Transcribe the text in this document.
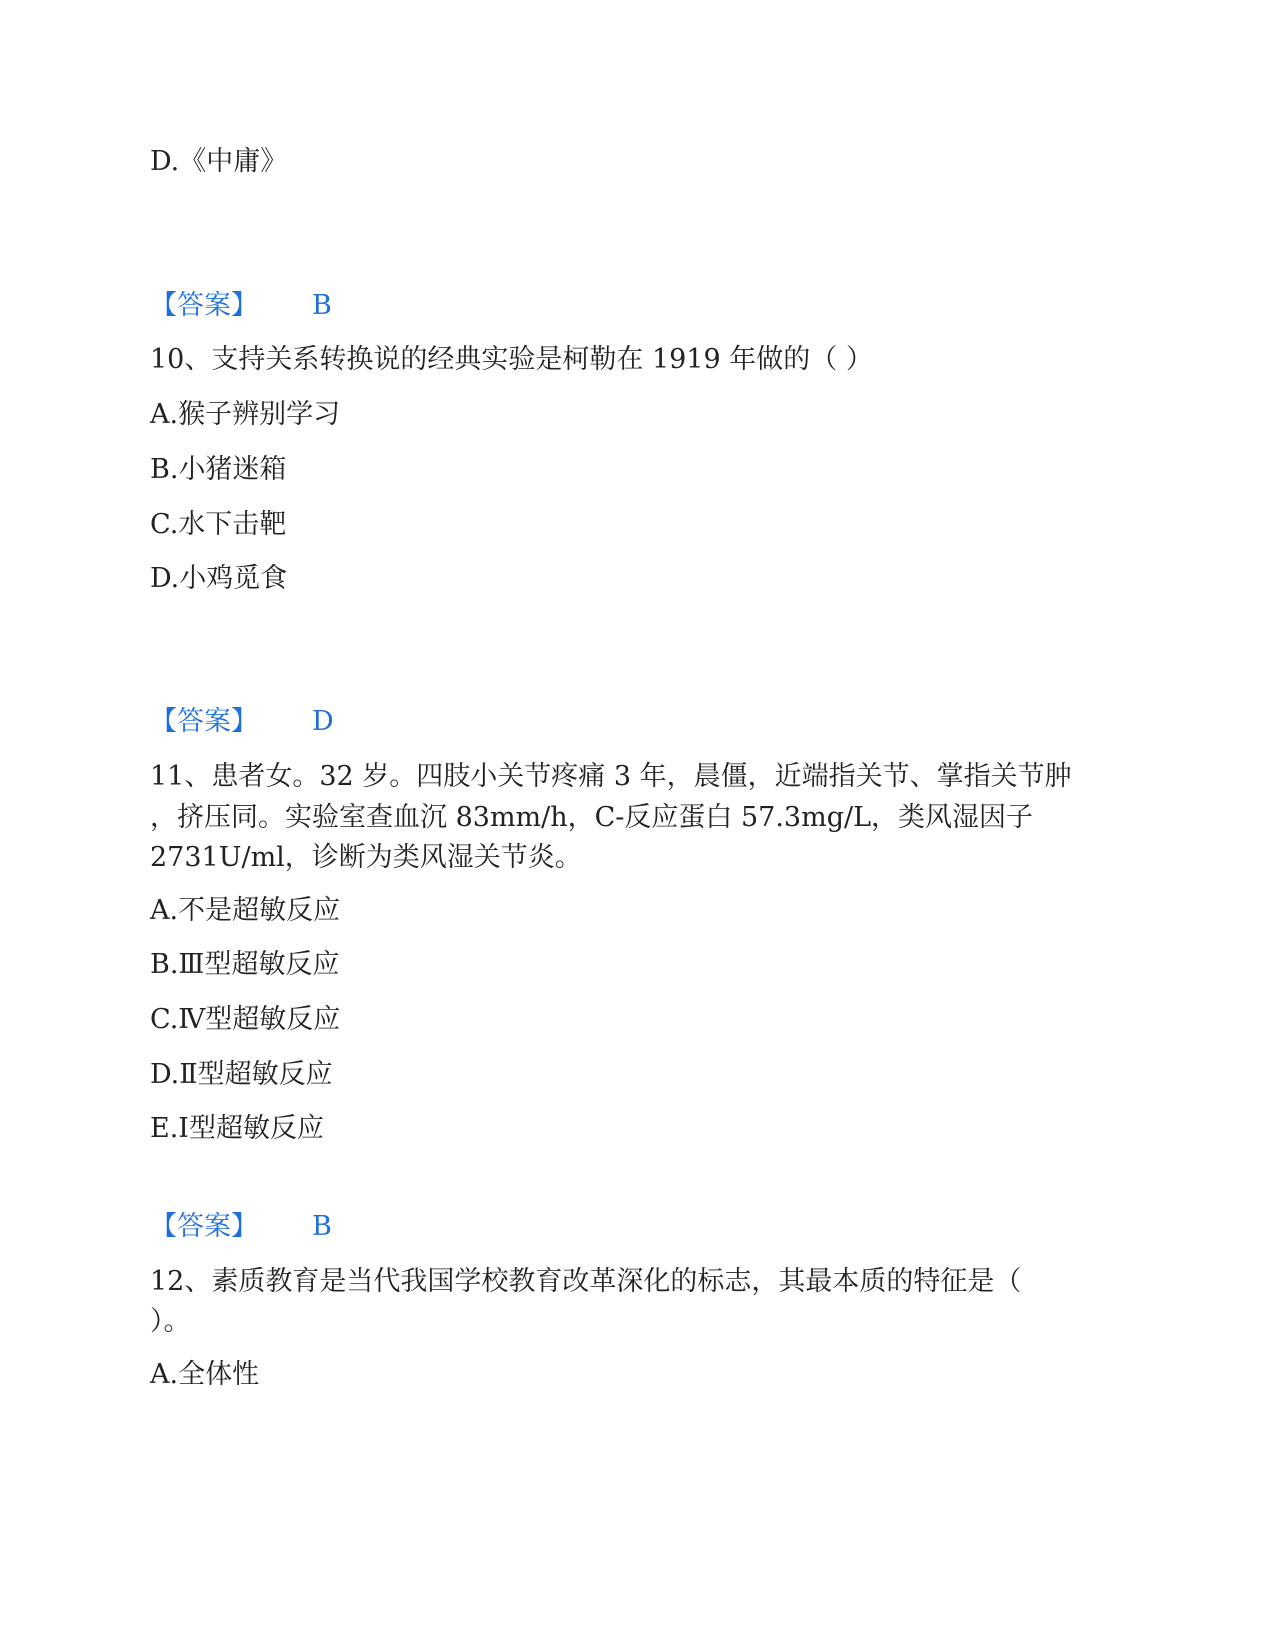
D.《中庸》
【答案】 B
10、支持关系转换说的经典实验是柯勒在 1919 年做的（ ）
A.猴子辨别学习
B.小猪迷箱
C.水下击靶
D.小鸡觅食
【答案】 D
11、患者女。32 岁。四肢小关节疼痛 3 年，晨僵，近端指关节、掌指关节肿
，挤压同。实验室查血沉 83mm/h，C-反应蛋白 57.3mg/L，类风湿因子
2731U/ml，诊断为类风湿关节炎。
A.不是超敏反应
B.Ⅲ型超敏反应
C.Ⅳ型超敏反应
D.Ⅱ型超敏反应
E.Ⅰ型超敏反应
【答案】 B
12、素质教育是当代我国学校教育改革深化的标志，其最本质的特征是（
）。
A.全体性
